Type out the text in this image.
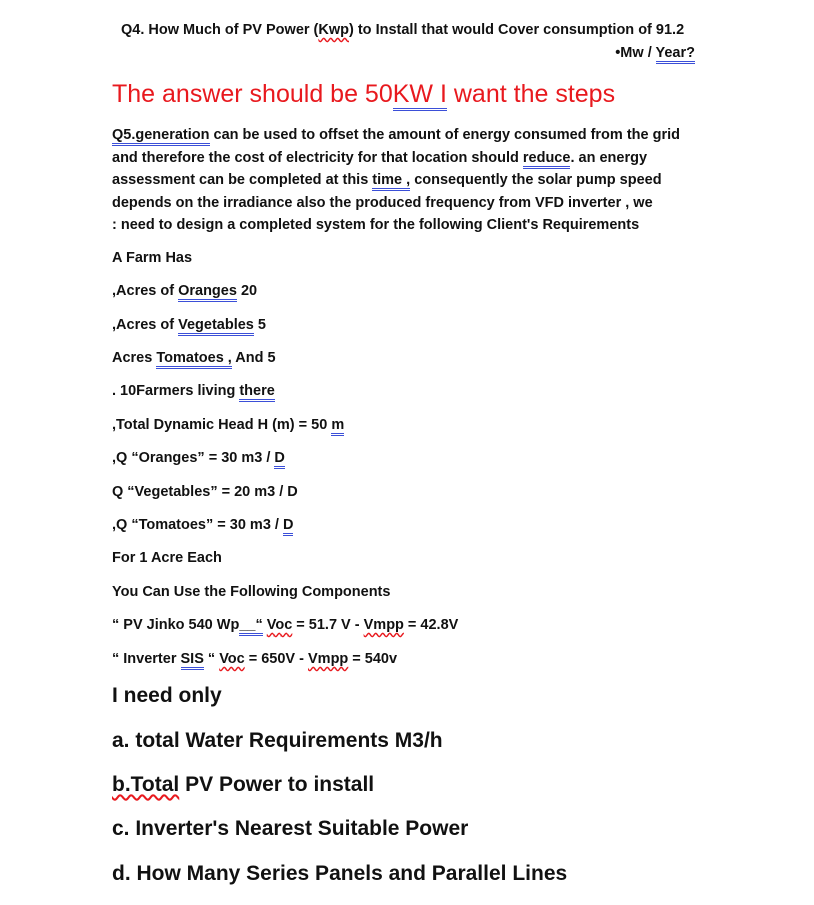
Q4. How Much of PV Power (Kwp) to Install that would Cover consumption of 91.2
•Mw / Year?
The answer should be 50KW I want the steps
Q5.generation can be used to offset the amount of energy consumed from the grid and therefore the cost of electricity for that location should reduce. an energy assessment can be completed at this time , consequently the solar pump speed depends on the irradiance also the produced frequency from VFD inverter , we
: need to design a completed system for the following Client's Requirements
A Farm Has
,Acres of Oranges 20
,Acres of Vegetables 5
Acres Tomatoes , And 5
. 10Farmers living there
,Total Dynamic Head H (m) = 50 m
,Q “Oranges” = 30 m3 / D
Q “Vegetables” = 20 m3 / D
,Q “Tomatoes” = 30 m3 / D
For 1 Acre Each
You Can Use the Following Components
“ PV Jinko 540 Wp__“ Voc = 51.7 V - Vmpp = 42.8V
“ Inverter SIS “ Voc = 650V - Vmpp = 540v
I need only
a. total Water Requirements M3/h
b.Total PV Power to install
c. Inverter's Nearest Suitable Power
d. How Many Series Panels and Parallel Lines
